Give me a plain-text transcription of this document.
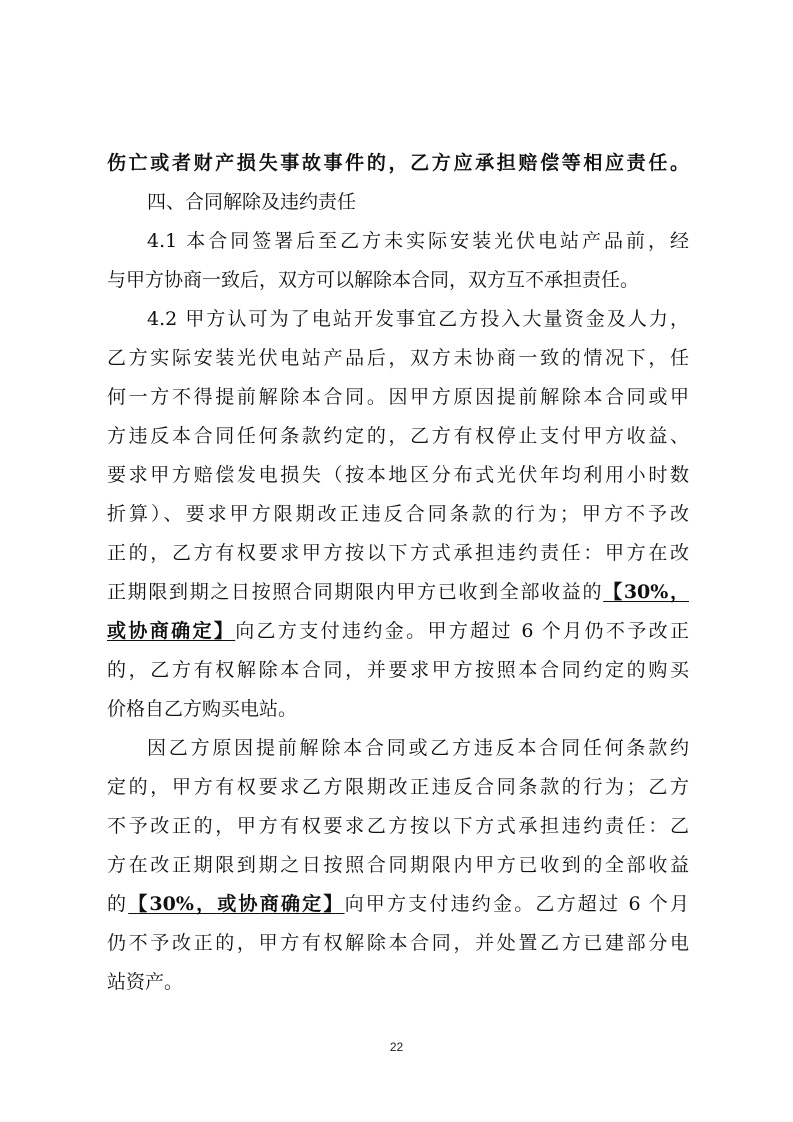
伤亡或者财产损失事故事件的，乙方应承担赔偿等相应责任。
四、合同解除及违约责任
4.1 本合同签署后至乙方未实际安装光伏电站产品前，经
与甲方协商一致后，双方可以解除本合同，双方互不承担责任。
4.2 甲方认可为了电站开发事宜乙方投入大量资金及人力，
乙方实际安装光伏电站产品后，双方未协商一致的情况下，任
何一方不得提前解除本合同。因甲方原因提前解除本合同或甲
方违反本合同任何条款约定的，乙方有权停止支付甲方收益、
要求甲方赔偿发电损失（按本地区分布式光伏年均利用小时数
折算）、要求甲方限期改正违反合同条款的行为；甲方不予改
正的，乙方有权要求甲方按以下方式承担违约责任：甲方在改
正期限到期之日按照合同期限内甲方已收到全部收益的【30%，
或协商确定】向乙方支付违约金。甲方超过 6 个月仍不予改正
的，乙方有权解除本合同，并要求甲方按照本合同约定的购买
价格自乙方购买电站。
因乙方原因提前解除本合同或乙方违反本合同任何条款约
定的，甲方有权要求乙方限期改正违反合同条款的行为；乙方
不予改正的，甲方有权要求乙方按以下方式承担违约责任：乙
方在改正期限到期之日按照合同期限内甲方已收到的全部收益
的【30%，或协商确定】向甲方支付违约金。乙方超过 6 个月
仍不予改正的，甲方有权解除本合同，并处置乙方已建部分电
站资产。
22
